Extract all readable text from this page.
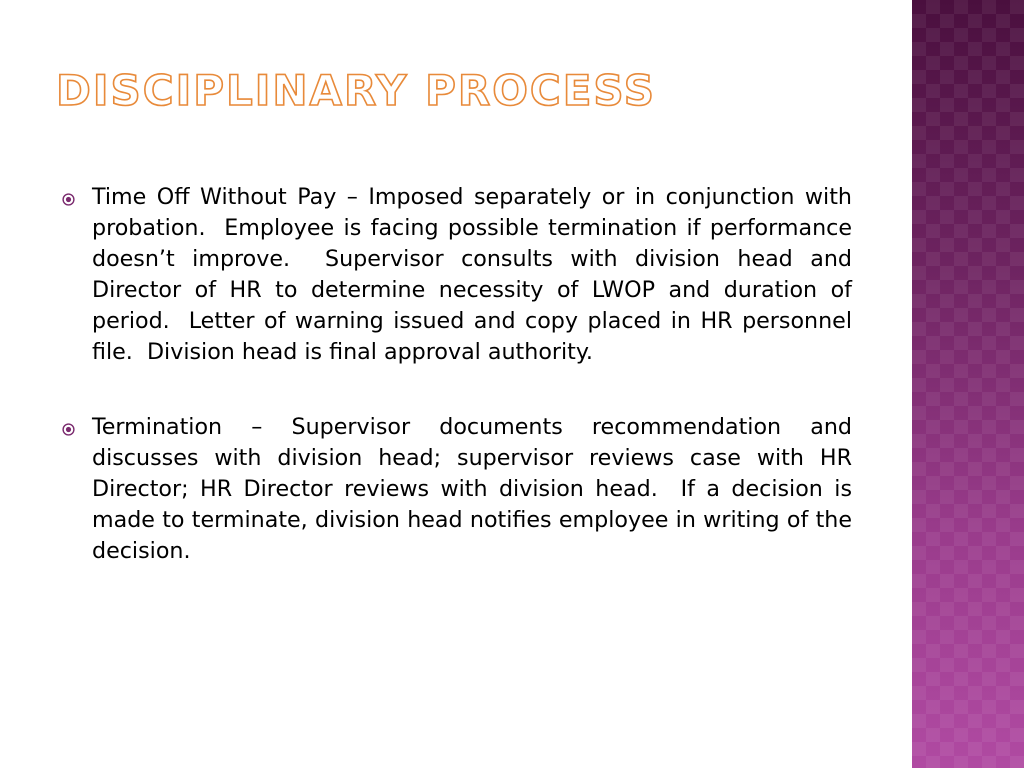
DISCIPLINARY PROCESS

Time Off Without Pay – Imposed separately or in conjunction with probation.  Employee is facing possible termination if performance doesn’t improve.  Supervisor consults with division head and Director of HR to determine necessity of LWOP and duration of period.  Letter of warning issued and copy placed in HR personnel file.  Division head is final approval authority.

Termination – Supervisor documents recommendation and discusses with division head; supervisor reviews case with HR Director; HR Director reviews with division head.  If a decision is made to terminate, division head notifies employee in writing of the decision.
